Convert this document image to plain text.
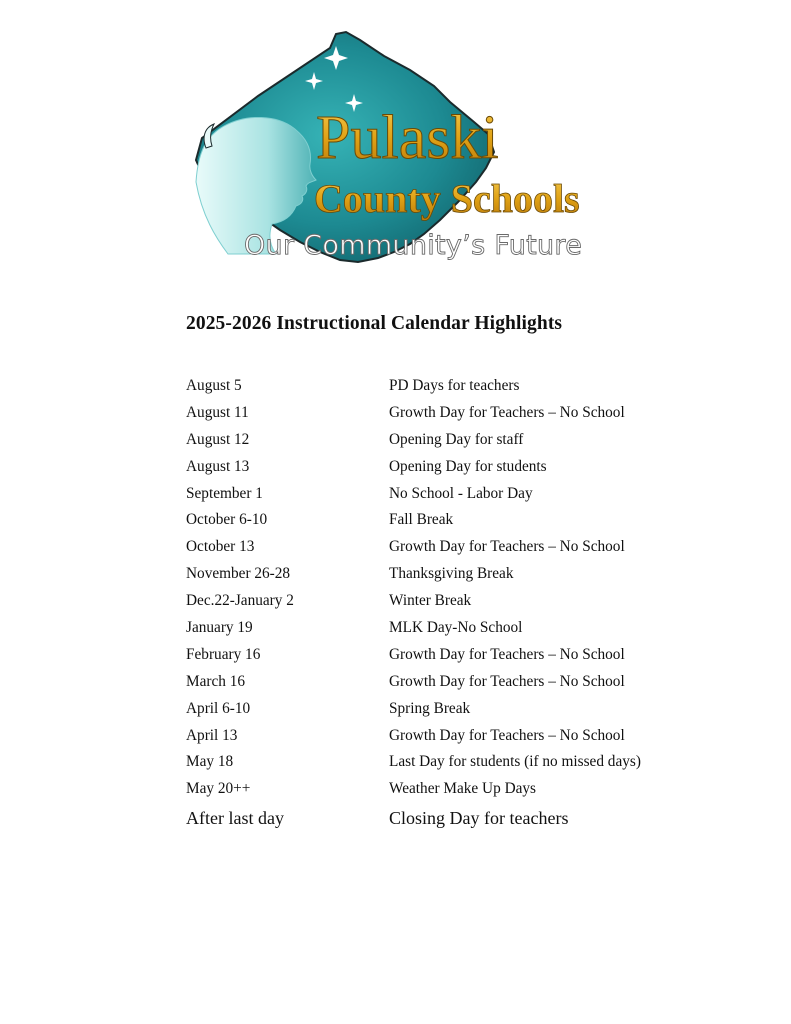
Pulaski
County Schools
Our Community’s Future
2025-2026 Instructional Calendar Highlights
August 5	PD Days for teachers
August 11	Growth Day for Teachers – No School
August 12	Opening Day for staff
August 13	Opening Day for students
September 1	No School - Labor Day
October 6-10	Fall Break
October 13	Growth Day for Teachers – No School
November 26-28	Thanksgiving Break
Dec.22-January 2	Winter Break
January 19	MLK Day-No School
February 16	Growth Day for Teachers – No School
March 16	Growth Day for Teachers – No School
April 6-10	Spring Break
April 13	Growth Day for Teachers – No School
May 18	Last Day for students (if no missed days)
May 20++	Weather Make Up Days
After last day	Closing Day for teachers
